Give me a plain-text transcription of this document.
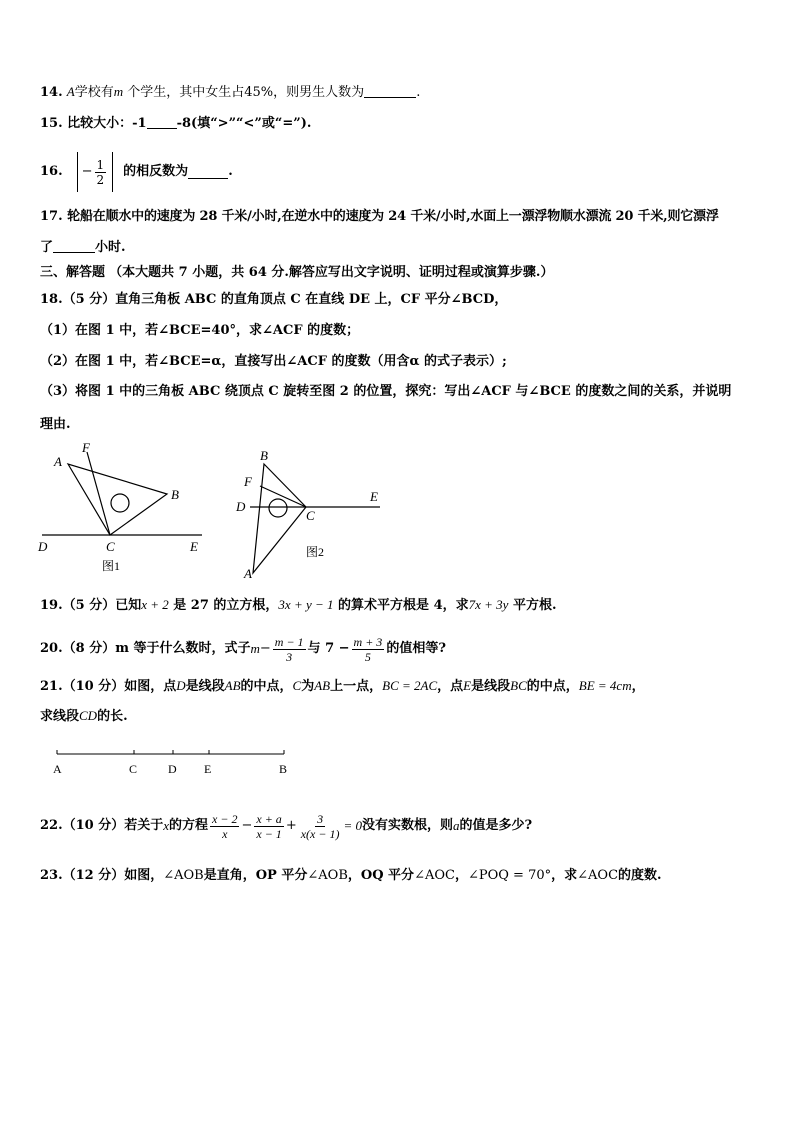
14. A学校有m 个学生，其中女生占45%，则男生人数为	.
15. 比较大小：-1 -8(填“>”“<”或“=”).
16. − $\frac{1}{2}$ 的相反数为	.
17. 轮船在顺水中的速度为 28 千米/小时,在逆水中的速度为 24 千米/小时,水面上一漂浮物顺水漂流 20 千米,则它漂浮
了	小时.
三、解答题 （本大题共 7 小题，共 64 分.解答应写出文字说明、证明过程或演算步骤.）
18.（5 分）直角三角板 ABC 的直角顶点 C 在直线 DE 上，CF 平分∠BCD，
（1）在图 1 中，若∠BCE=40°，求∠ACF 的度数；
（2）在图 1 中，若∠BCE=α，直接写出∠ACF 的度数（用含α 的式子表示）;
（3）将图 1 中的三角板 ABC 绕顶点 C 旋转至图 2 的位置，探究：写出∠ACF 与∠BCE 的度数之间的关系，并说明
理由.
A
F
B
D	C	E
图1
B
F
D
C
E
A
图2
19.（5 分）已知x + 2 是 27 的立方根，3x + y − 1 的算术平方根是 4，求7x + 3y 平方根.
20.（8 分）m 等于什么数时，式子 $m - \frac{m - 1}{3}$ 与 $7 - \frac{m + 3}{5}$ 的值相等?
21.（10 分）如图，点D是线段AB的中点，C为AB上一点，BC = 2AC，点E是线段BC的中点，BE = 4cm，
求线段CD的长.
A	C	D E	B
22.（10 分）若关于 x 的方程 $\frac{x - 2}{x} - \frac{x + a}{x - 1} + \frac{3}{x(x - 1)} = 0$ 没有实数根，则 a 的值是多少?
23.（12 分）如图，∠AOB是直角，OP 平分∠AOB，OQ 平分∠AOC，∠POQ = 70°，求∠AOC的度数.
